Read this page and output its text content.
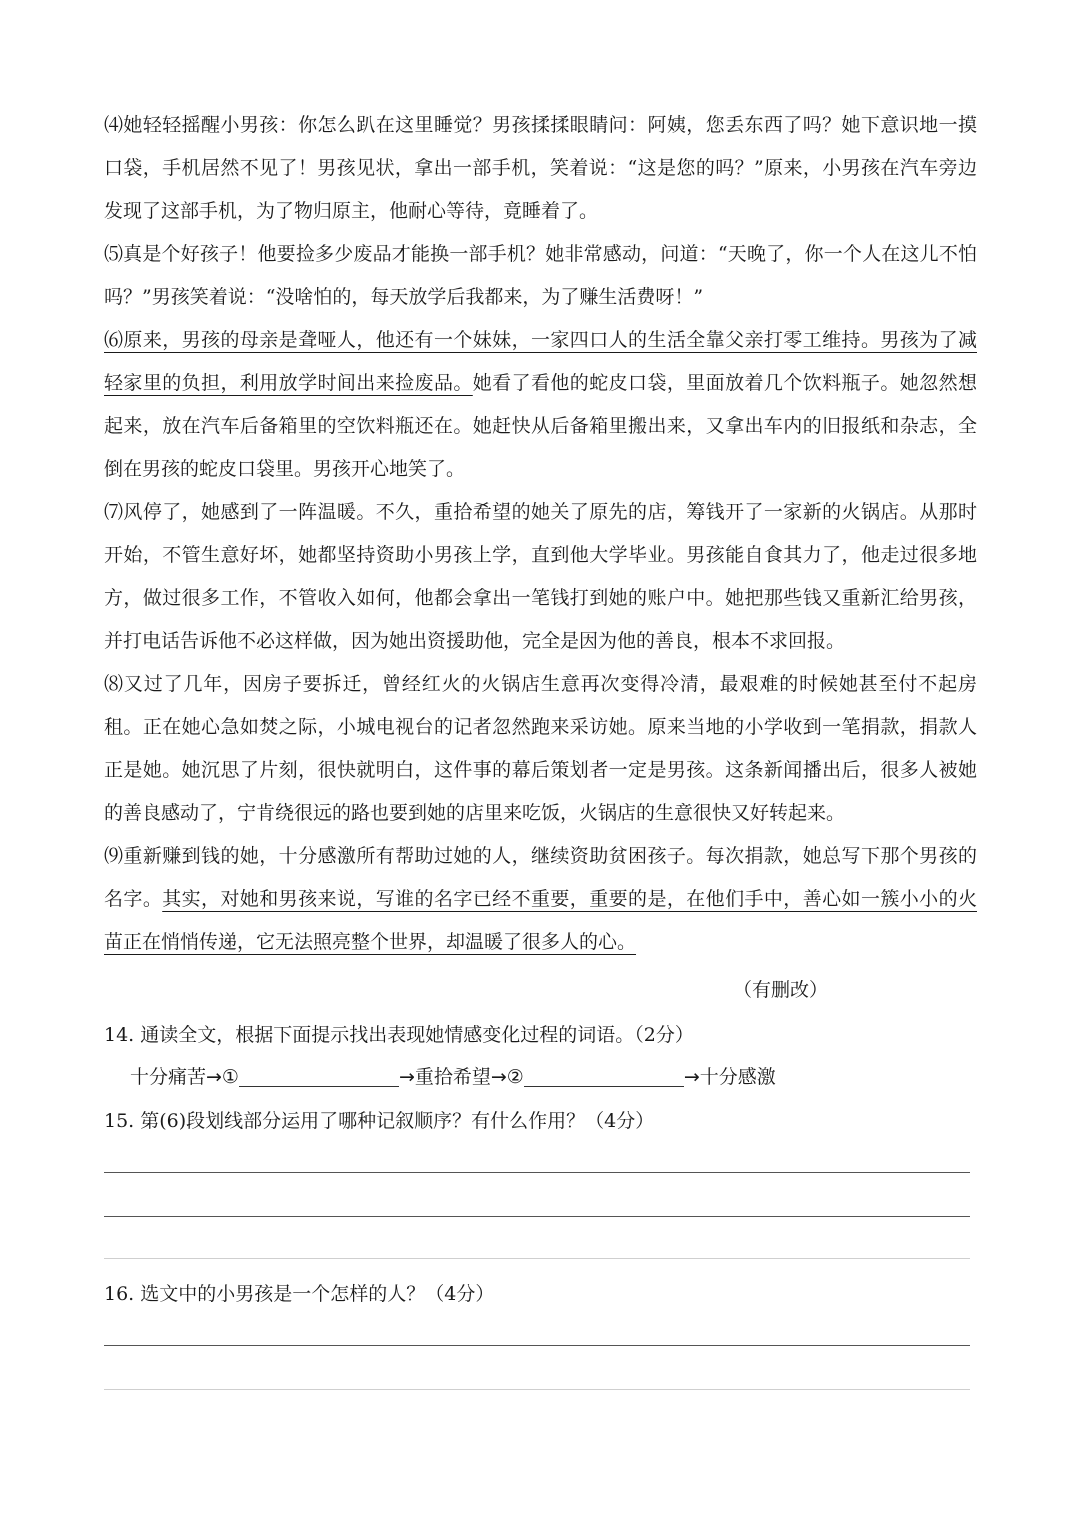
⑷她轻轻摇醒小男孩：你怎么趴在这里睡觉？男孩揉揉眼睛问：阿姨，您丢东西了吗？她下意识地一摸口袋，手机居然不见了！男孩见状，拿出一部手机，笑着说：“这是您的吗？”原来，小男孩在汽车旁边发现了这部手机，为了物归原主，他耐心等待，竟睡着了。

⑸真是个好孩子！他要捡多少废品才能换一部手机？她非常感动，问道：“天晚了，你一个人在这儿不怕吗？”男孩笑着说：“没啥怕的，每天放学后我都来，为了赚生活费呀！”

⑹原来，男孩的母亲是聋哑人，他还有一个妹妹，一家四口人的生活全靠父亲打零工维持。男孩为了减轻家里的负担，利用放学时间出来捡废品。她看了看他的蛇皮口袋，里面放着几个饮料瓶子。她忽然想起来，放在汽车后备箱里的空饮料瓶还在。她赶快从后备箱里搬出来，又拿出车内的旧报纸和杂志，全倒在男孩的蛇皮口袋里。男孩开心地笑了。

⑺风停了，她感到了一阵温暖。不久，重拾希望的她关了原先的店，筹钱开了一家新的火锅店。从那时开始，不管生意好坏，她都坚持资助小男孩上学，直到他大学毕业。男孩能自食其力了，他走过很多地方，做过很多工作，不管收入如何，他都会拿出一笔钱打到她的账户中。她把那些钱又重新汇给男孩，并打电话告诉他不必这样做，因为她出资援助他，完全是因为他的善良，根本不求回报。

⑻又过了几年，因房子要拆迁，曾经红火的火锅店生意再次变得冷清，最艰难的时候她甚至付不起房租。正在她心急如焚之际，小城电视台的记者忽然跑来采访她。原来当地的小学收到一笔捐款，捐款人正是她。她沉思了片刻，很快就明白，这件事的幕后策划者一定是男孩。这条新闻播出后，很多人被她的善良感动了，宁肯绕很远的路也要到她的店里来吃饭，火锅店的生意很快又好转起来。

⑼重新赚到钱的她，十分感激所有帮助过她的人，继续资助贫困孩子。每次捐款，她总写下那个男孩的名字。其实，对她和男孩来说，写谁的名字已经不重要，重要的是，在他们手中，善心如一簇小小的火苗正在悄悄传递，它无法照亮整个世界，却温暖了很多人的心。

（有删改）

14. 通读全文，根据下面提示找出表现她情感变化过程的词语。（2分）

十分痛苦→①	→重拾希望→②	→十分感激

15. 第(6)段划线部分运用了哪种记叙顺序？有什么作用？（4分）

16. 选文中的小男孩是一个怎样的人？（4分）
